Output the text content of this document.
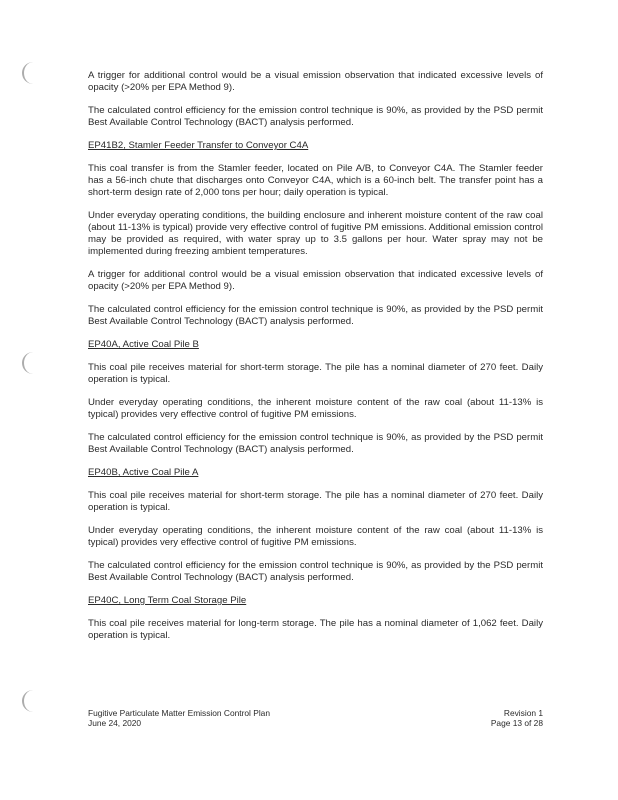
A trigger for additional control would be a visual emission observation that indicated excessive levels of opacity (>20% per EPA Method 9).

The calculated control efficiency for the emission control technique is 90%, as provided by the PSD permit Best Available Control Technology (BACT) analysis performed.

EP41B2, Stamler Feeder Transfer to Conveyor C4A

This coal transfer is from the Stamler feeder, located on Pile A/B, to Conveyor C4A. The Stamler feeder has a 56-inch chute that discharges onto Conveyor C4A, which is a 60-inch belt. The transfer point has a short-term design rate of 2,000 tons per hour; daily operation is typical.

Under everyday operating conditions, the building enclosure and inherent moisture content of the raw coal (about 11-13% is typical) provide very effective control of fugitive PM emissions. Additional emission control may be provided as required, with water spray up to 3.5 gallons per hour. Water spray may not be implemented during freezing ambient temperatures.

A trigger for additional control would be a visual emission observation that indicated excessive levels of opacity (>20% per EPA Method 9).

The calculated control efficiency for the emission control technique is 90%, as provided by the PSD permit Best Available Control Technology (BACT) analysis performed.

EP40A, Active Coal Pile B

This coal pile receives material for short-term storage. The pile has a nominal diameter of 270 feet. Daily operation is typical.

Under everyday operating conditions, the inherent moisture content of the raw coal (about 11-13% is typical) provides very effective control of fugitive PM emissions.

The calculated control efficiency for the emission control technique is 90%, as provided by the PSD permit Best Available Control Technology (BACT) analysis performed.

EP40B, Active Coal Pile A

This coal pile receives material for short-term storage. The pile has a nominal diameter of 270 feet. Daily operation is typical.

Under everyday operating conditions, the inherent moisture content of the raw coal (about 11-13% is typical) provides very effective control of fugitive PM emissions.

The calculated control efficiency for the emission control technique is 90%, as provided by the PSD permit Best Available Control Technology (BACT) analysis performed.

EP40C, Long Term Coal Storage Pile

This coal pile receives material for long-term storage. The pile has a nominal diameter of 1,062 feet. Daily operation is typical.

Fugitive Particulate Matter Emission Control Plan
June 24, 2020
Revision 1
Page 13 of 28
